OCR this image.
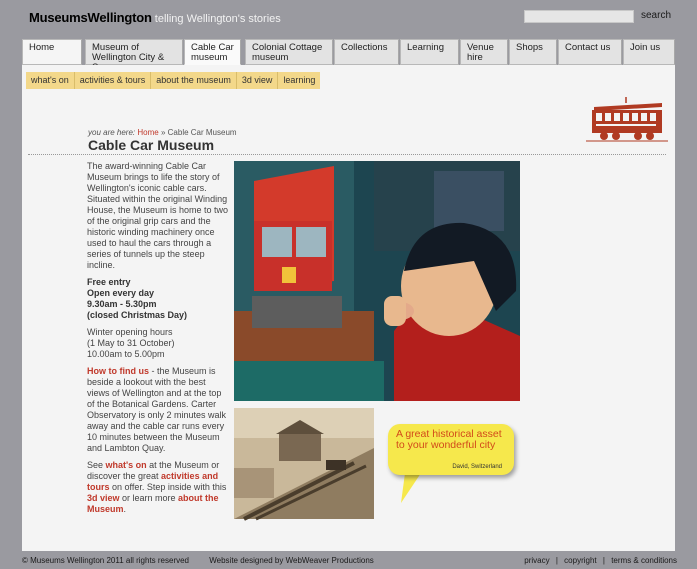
MuseumsWellington telling Wellington's stories	search
Home	Museum of Wellington City &
Cable Car museum
Colonial Cottage museum
Collections	Learning	Venue hire
Shops	Contact us	Join us
what's on	activities & tours	about the museum	3d view	learning
you are here: Home » Cable Car Museum
Cable Car Museum

The award-winning Cable Car Museum brings to life the story of Wellington's iconic cable cars. Situated within the original Winding House, the Museum is home to two of the original grip cars and the historic winding machinery once used to haul the cars through a series of tunnels up the steep incline.

Free entry
Open every day
9.30am - 5.30pm
(closed Christmas Day)

Winter opening hours
(1 May to 31 October)
10.00am to 5.00pm

How to find us - the Museum is beside a lookout with the best views of Wellington and at the top of the Botanical Gardens. Carter Observatory is only 2 minutes walk away and the cable car runs every 10 minutes between the Museum and Lambton Quay.

See what's on at the Museum or discover the great activities and tours on offer. Step inside with this 3d view or learn more about the Museum.

A great historical asset to your wonderful city
David, Switzerland
© Museums Wellington 2011 all rights reserved	Website designed by WebWeaver Productions	privacy | copyright | terms & conditions
